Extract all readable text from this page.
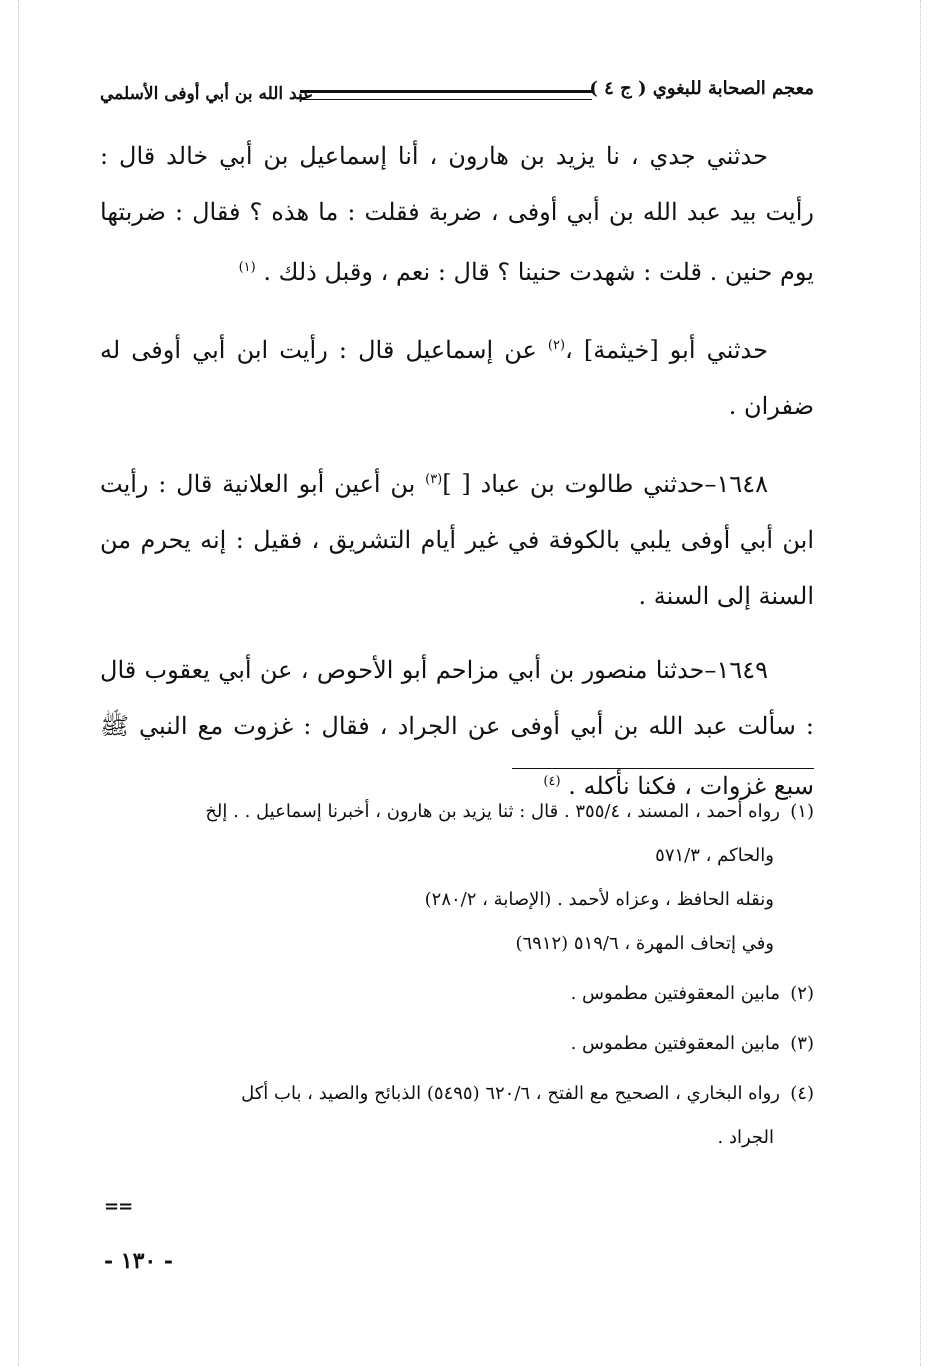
معجم الصحابة للبغوي ( ج ٤ )
عبد الله بن أبي أوفى الأسلمي

حدثني جدي ، نا يزيد بن هارون ، أنا إسماعيل بن أبي خالد قال : رأيت بيد عبد الله بن أبي أوفى ، ضربة فقلت : ما هذه ؟ فقال : ضربتها يوم حنين . قلت : شهدت حنينا ؟ قال : نعم ، وقبل ذلك . $^{(١)}$

حدثني أبو [خيثمة] ،$^{(٢)}$ عن إسماعيل قال : رأيت ابن أبي أوفى له ضفران .

١٦٤٨–حدثني طالوت بن عباد [ ]$^{(٣)}$ بن أعين أبو العلانية قال : رأيت ابن أبي أوفى يلبي بالكوفة في غير أيام التشريق ، فقيل : إنه يحرم من السنة إلى السنة .

١٦٤٩–حدثنا منصور بن أبي مزاحم أبو الأحوص ، عن أبي يعقوب قال : سألت عبد الله بن أبي أوفى عن الجراد ، فقال : غزوت مع النبي ﷺ سبع غزوات ، فكنا نأكله . $^{(٤)}$

(١)رواه أحمد ، المسند ، ٣٥٥/٤ . قال : ثنا يزيد بن هارون ، أخبرنا إسماعيل . . إلخ
والحاكم ، ٥٧١/٣
ونقله الحافظ ، وعزاه لأحمد . (الإصابة ، ٢٨٠/٢)
وفي إتحاف المهرة ، ٥١٩/٦ (٦٩١٢)
(٢)مابين المعقوفتين مطموس .
(٣)مابين المعقوفتين مطموس .
(٤)رواه البخاري ، الصحيح مع الفتح ، ٦٢٠/٦ (٥٤٩٥) الذبائح والصيد ، باب أكل
الجراد .
==
- ١٣٠ -
